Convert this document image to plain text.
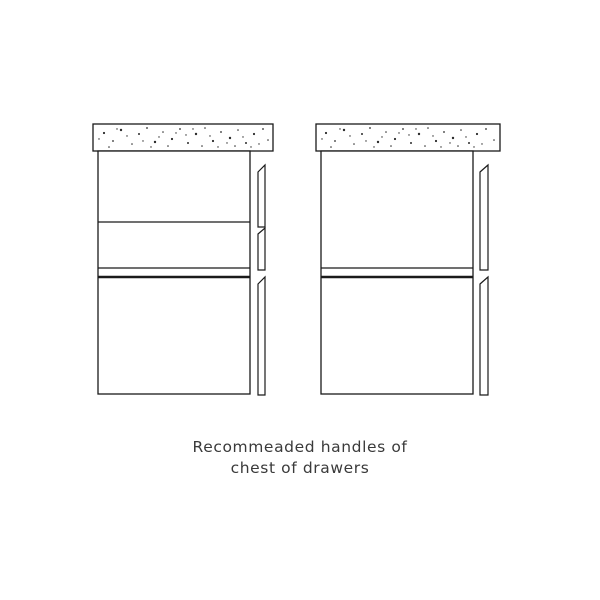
Recommeaded handles of
chest of drawers
